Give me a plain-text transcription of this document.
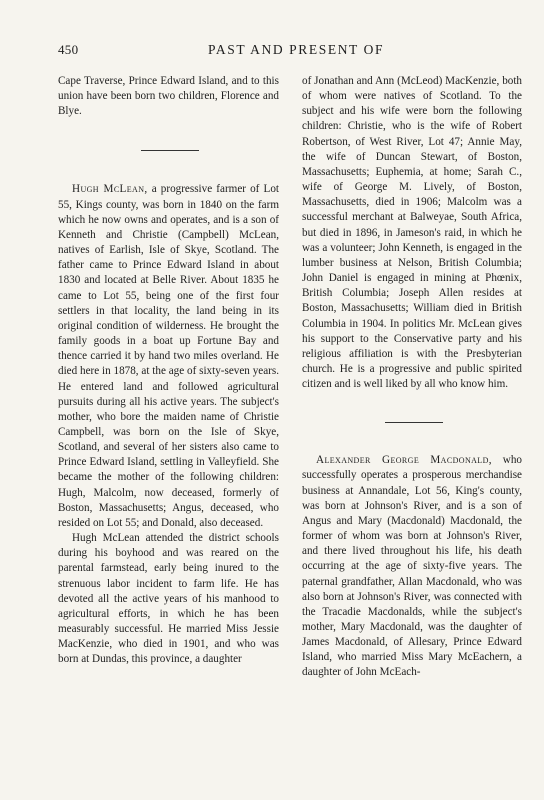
450	PAST AND PRESENT OF

Cape Traverse, Prince Edward Island, and to this union have been born two children, Florence and Blye.

Hugh McLean, a progressive farmer of Lot 55, Kings county, was born in 1840 on the farm which he now owns and operates, and is a son of Kenneth and Christie (Campbell) McLean, natives of Earlish, Isle of Skye, Scotland. The father came to Prince Edward Island in about 1830 and located at Belle River. About 1835 he came to Lot 55, being one of the first four settlers in that locality, the land being in its original condition of wilderness. He brought the family goods in a boat up Fortune Bay and thence carried it by hand two miles overland. He died here in 1878, at the age of sixty-seven years. He entered land and followed agricultural pursuits during all his active years. The subject's mother, who bore the maiden name of Christie Campbell, was born on the Isle of Skye, Scotland, and several of her sisters also came to Prince Edward Island, settling in Valleyfield. She became the mother of the following children: Hugh, Malcolm, now deceased, formerly of Boston, Massachusetts; Angus, deceased, who resided on Lot 55; and Donald, also deceased.

Hugh McLean attended the district schools during his boyhood and was reared on the parental farmstead, early being inured to the strenuous labor incident to farm life. He has devoted all the active years of his manhood to agricultural efforts, in which he has been measurably successful. He married Miss Jessie MacKenzie, who died in 1901, and who was born at Dundas, this province, a daughter

of Jonathan and Ann (McLeod) MacKenzie, both of whom were natives of Scotland. To the subject and his wife were born the following children: Christie, who is the wife of Robert Robertson, of West River, Lot 47; Annie May, the wife of Duncan Stewart, of Boston, Massachusetts; Euphemia, at home; Sarah C., wife of George M. Lively, of Boston, Massachusetts, died in 1906; Malcolm was a successful merchant at Balweyae, South Africa, but died in 1896, in Jameson's raid, in which he was a volunteer; John Kenneth, is engaged in the lumber business at Nelson, British Columbia; John Daniel is engaged in mining at Phœnix, British Columbia; Joseph Allen resides at Boston, Massachusetts; William died in British Columbia in 1904. In politics Mr. McLean gives his support to the Conservative party and his religious affiliation is with the Presbyterian church. He is a progressive and public spirited citizen and is well liked by all who know him.

Alexander George Macdonald, who successfully operates a prosperous merchandise business at Annandale, Lot 56, King's county, was born at Johnson's River, and is a son of Angus and Mary (Macdonald) Macdonald, the former of whom was born at Johnson's River, and there lived throughout his life, his death occurring at the age of sixty-five years. The paternal grandfather, Allan Macdonald, who was also born at Johnson's River, was connected with the Tracadie Macdonalds, while the subject's mother, Mary Macdonald, was the daughter of James Macdonald, of Allesary, Prince Edward Island, who married Miss Mary McEachern, a daughter of John McEach-
